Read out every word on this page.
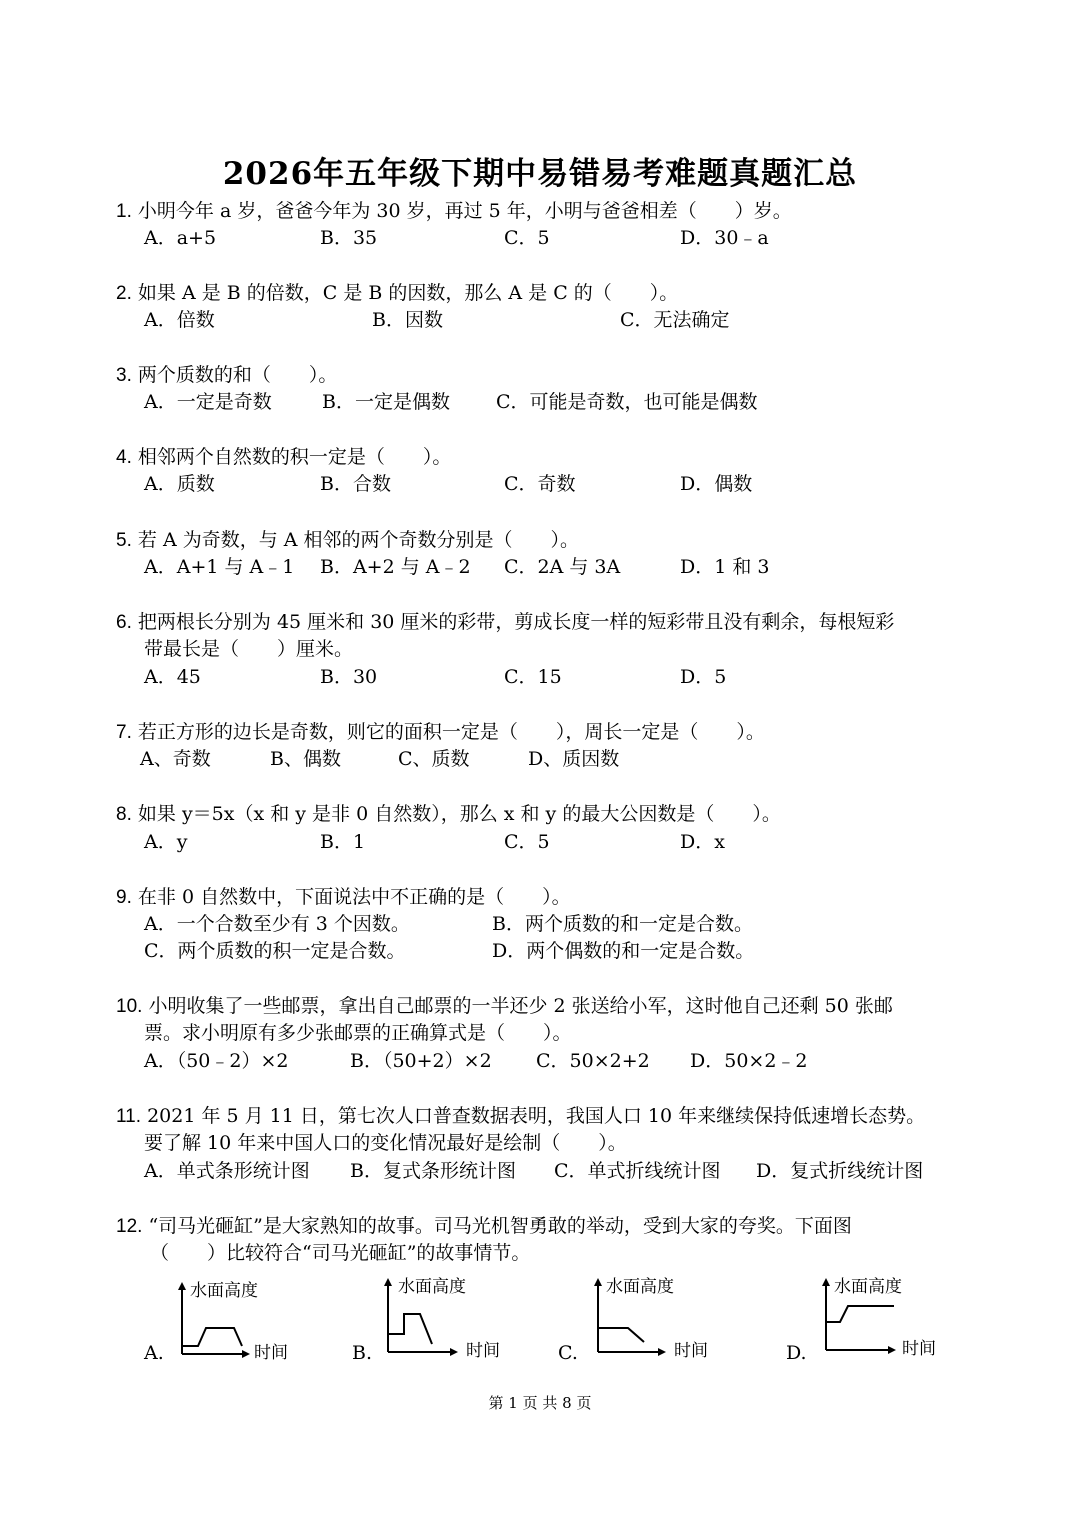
2026年五年级下期中易错易考难题真题汇总
1. 小明今年 a 岁，爸爸今年为 30 岁，再过 5 年，小明与爸爸相差（　　）岁。
A．a+5	B．35	C．5	D．30﹣a
2. 如果 A 是 B 的倍数，C 是 B 的因数，那么 A 是 C 的（　　）。
A．倍数	B．因数	C．无法确定
3. 两个质数的和（　　）。
A．一定是奇数	B．一定是偶数 C．可能是奇数，也可能是偶数
4. 相邻两个自然数的积一定是（　　）。
A．质数	B．合数	C．奇数	D．偶数
5. 若 A 为奇数，与 A 相邻的两个奇数分别是（　　）。
A．A+1 与 A﹣1 B．A+2 与 A﹣2 C．2A 与 3A	D．1 和 3
6. 把两根长分别为 45 厘米和 30 厘米的彩带，剪成长度一样的短彩带且没有剩余，每根短彩
带最长是（　　）厘米。
A．45	B．30	C．15	D．5
7. 若正方形的边长是奇数，则它的面积一定是（　　），周长一定是（　　）。
A、奇数	B、偶数	C、质数	D、质因数
8. 如果 y＝5x（x 和 y 是非 0 自然数），那么 x 和 y 的最大公因数是（　　）。
A．y	B．1	C．5	D．x
9. 在非 0 自然数中，下面说法中不正确的是（　　）。
A．一个合数至少有 3 个因数。	B．两个质数的和一定是合数。
C．两个质数的积一定是合数。	D．两个偶数的和一定是合数。
10. 小明收集了一些邮票，拿出自己邮票的一半还少 2 张送给小军，这时他自己还剩 50 张邮
票。求小明原有多少张邮票的正确算式是（　　）。
A．（50﹣2）×2	B．（50+2）×2 C．50×2+2 D．50×2﹣2
11. 2021 年 5 月 11 日，第七次人口普查数据表明，我国人口 10 年来继续保持低速增长态势。
要了解 10 年来中国人口的变化情况最好是绘制（　　）。
A．单式条形统计图 B．复式条形统计图 C．单式折线统计图 D．复式折线统计图
12. “司马光砸缸”是大家熟知的故事。司马光机智勇敢的举动，受到大家的夸奖。下面图
（　　）比较符合“司马光砸缸”的故事情节。
A.
水面高度
时间	B.
水面高度
时间	C.
水面高度
时间	D.
水面高度
时间
第 1 页 共 8 页
